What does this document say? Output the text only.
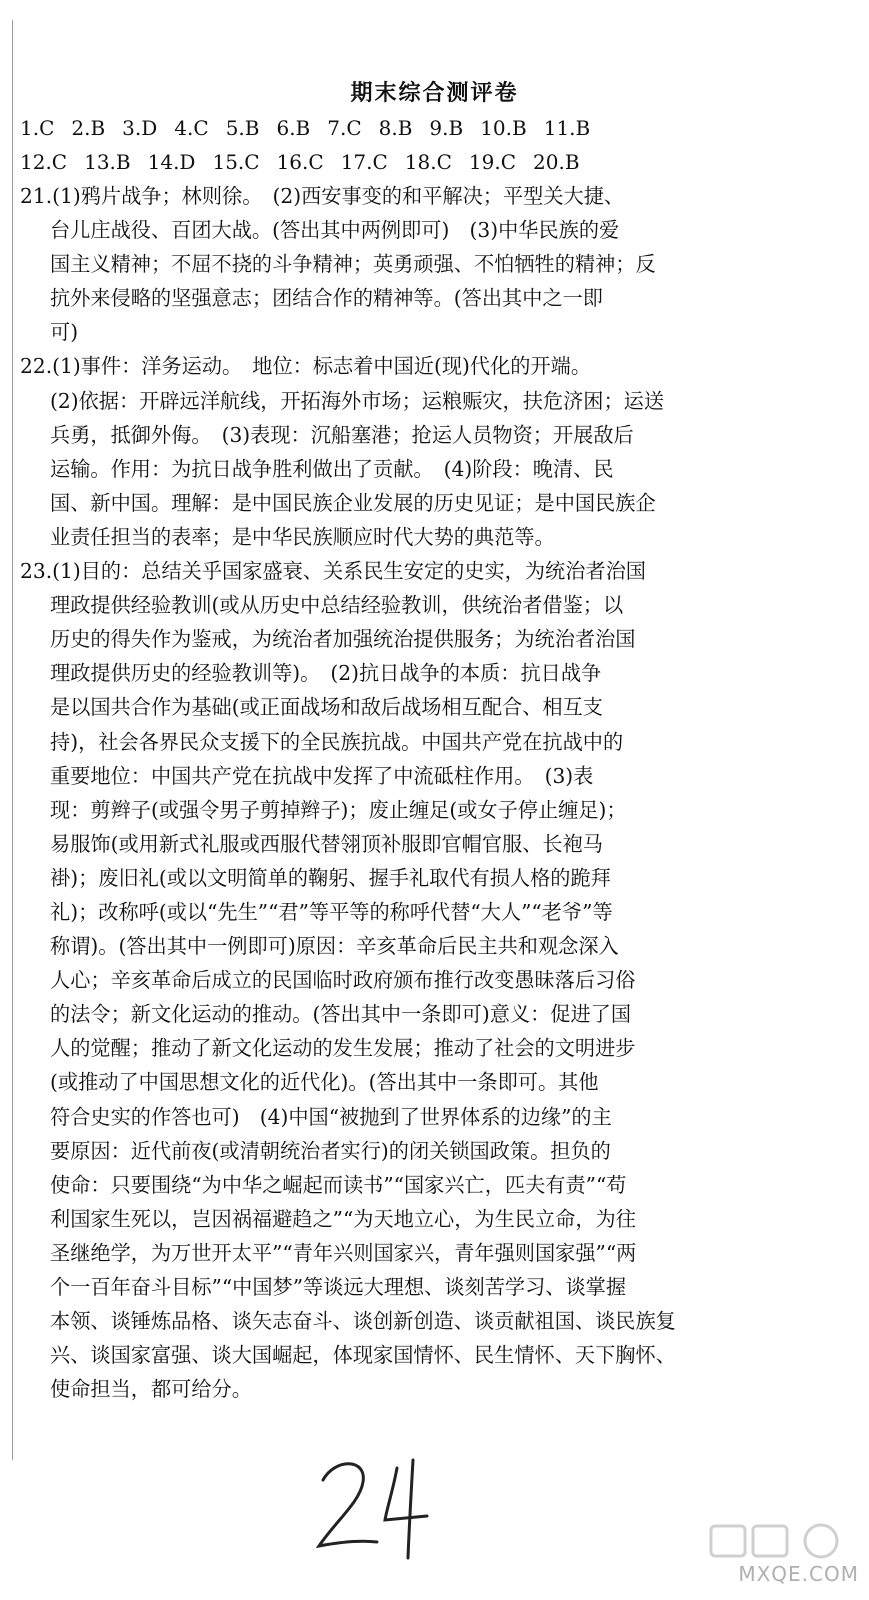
期末综合测评卷
1.C 2.B 3.D 4.C 5.B 6.B 7.C 8.B 9.B 10.B 11.B
12.C 13.B 14.D 15.C 16.C 17.C 18.C 19.C 20.B
21.(1)鸦片战争；林则徐。　(2)西安事变的和平解决；平型关大捷、
台儿庄战役、百团大战。(答出其中两例即可)　(3)中华民族的爱
国主义精神；不屈不挠的斗争精神；英勇顽强、不怕牺牲的精神；反
抗外来侵略的坚强意志；团结合作的精神等。(答出其中之一即
可)
22.(1)事件：洋务运动。　地位：标志着中国近(现)代化的开端。
(2)依据：开辟远洋航线，开拓海外市场；运粮赈灾，扶危济困；运送
兵勇，抵御外侮。　(3)表现：沉船塞港；抢运人员物资；开展敌后
运输。作用：为抗日战争胜利做出了贡献。　(4)阶段：晚清、民
国、新中国。理解：是中国民族企业发展的历史见证；是中国民族企
业责任担当的表率；是中华民族顺应时代大势的典范等。
23.(1)目的：总结关乎国家盛衰、关系民生安定的史实，为统治者治国
理政提供经验教训(或从历史中总结经验教训，供统治者借鉴；以
历史的得失作为鉴戒，为统治者加强统治提供服务；为统治者治国
理政提供历史的经验教训等)。　(2)抗日战争的本质：抗日战争
是以国共合作为基础(或正面战场和敌后战场相互配合、相互支
持)，社会各界民众支援下的全民族抗战。中国共产党在抗战中的
重要地位：中国共产党在抗战中发挥了中流砥柱作用。　(3)表
现：剪辫子(或强令男子剪掉辫子)；废止缠足(或女子停止缠足)；
易服饰(或用新式礼服或西服代替翎顶补服即官帽官服、长袍马
褂)；废旧礼(或以文明简单的鞠躬、握手礼取代有损人格的跪拜
礼)；改称呼(或以“先生”“君”等平等的称呼代替“大人”“老爷”等
称谓)。(答出其中一例即可)原因：辛亥革命后民主共和观念深入
人心；辛亥革命后成立的民国临时政府颁布推行改变愚昧落后习俗
的法令；新文化运动的推动。(答出其中一条即可)意义：促进了国
人的觉醒；推动了新文化运动的发生发展；推动了社会的文明进步
(或推动了中国思想文化的近代化)。(答出其中一条即可。其他
符合史实的作答也可)　(4)中国“被抛到了世界体系的边缘”的主
要原因：近代前夜(或清朝统治者实行)的闭关锁国政策。担负的
使命：只要围绕“为中华之崛起而读书”“国家兴亡，匹夫有责”“苟
利国家生死以，岂因祸福避趋之”“为天地立心，为生民立命，为往
圣继绝学，为万世开太平”“青年兴则国家兴，青年强则国家强”“两
个一百年奋斗目标”“中国梦”等谈远大理想、谈刻苦学习、谈掌握
本领、谈锤炼品格、谈矢志奋斗、谈创新创造、谈贡献祖国、谈民族复
兴、谈国家富强、谈大国崛起，体现家国情怀、民生情怀、天下胸怀、
使命担当，都可给分。
MXQE.COM
